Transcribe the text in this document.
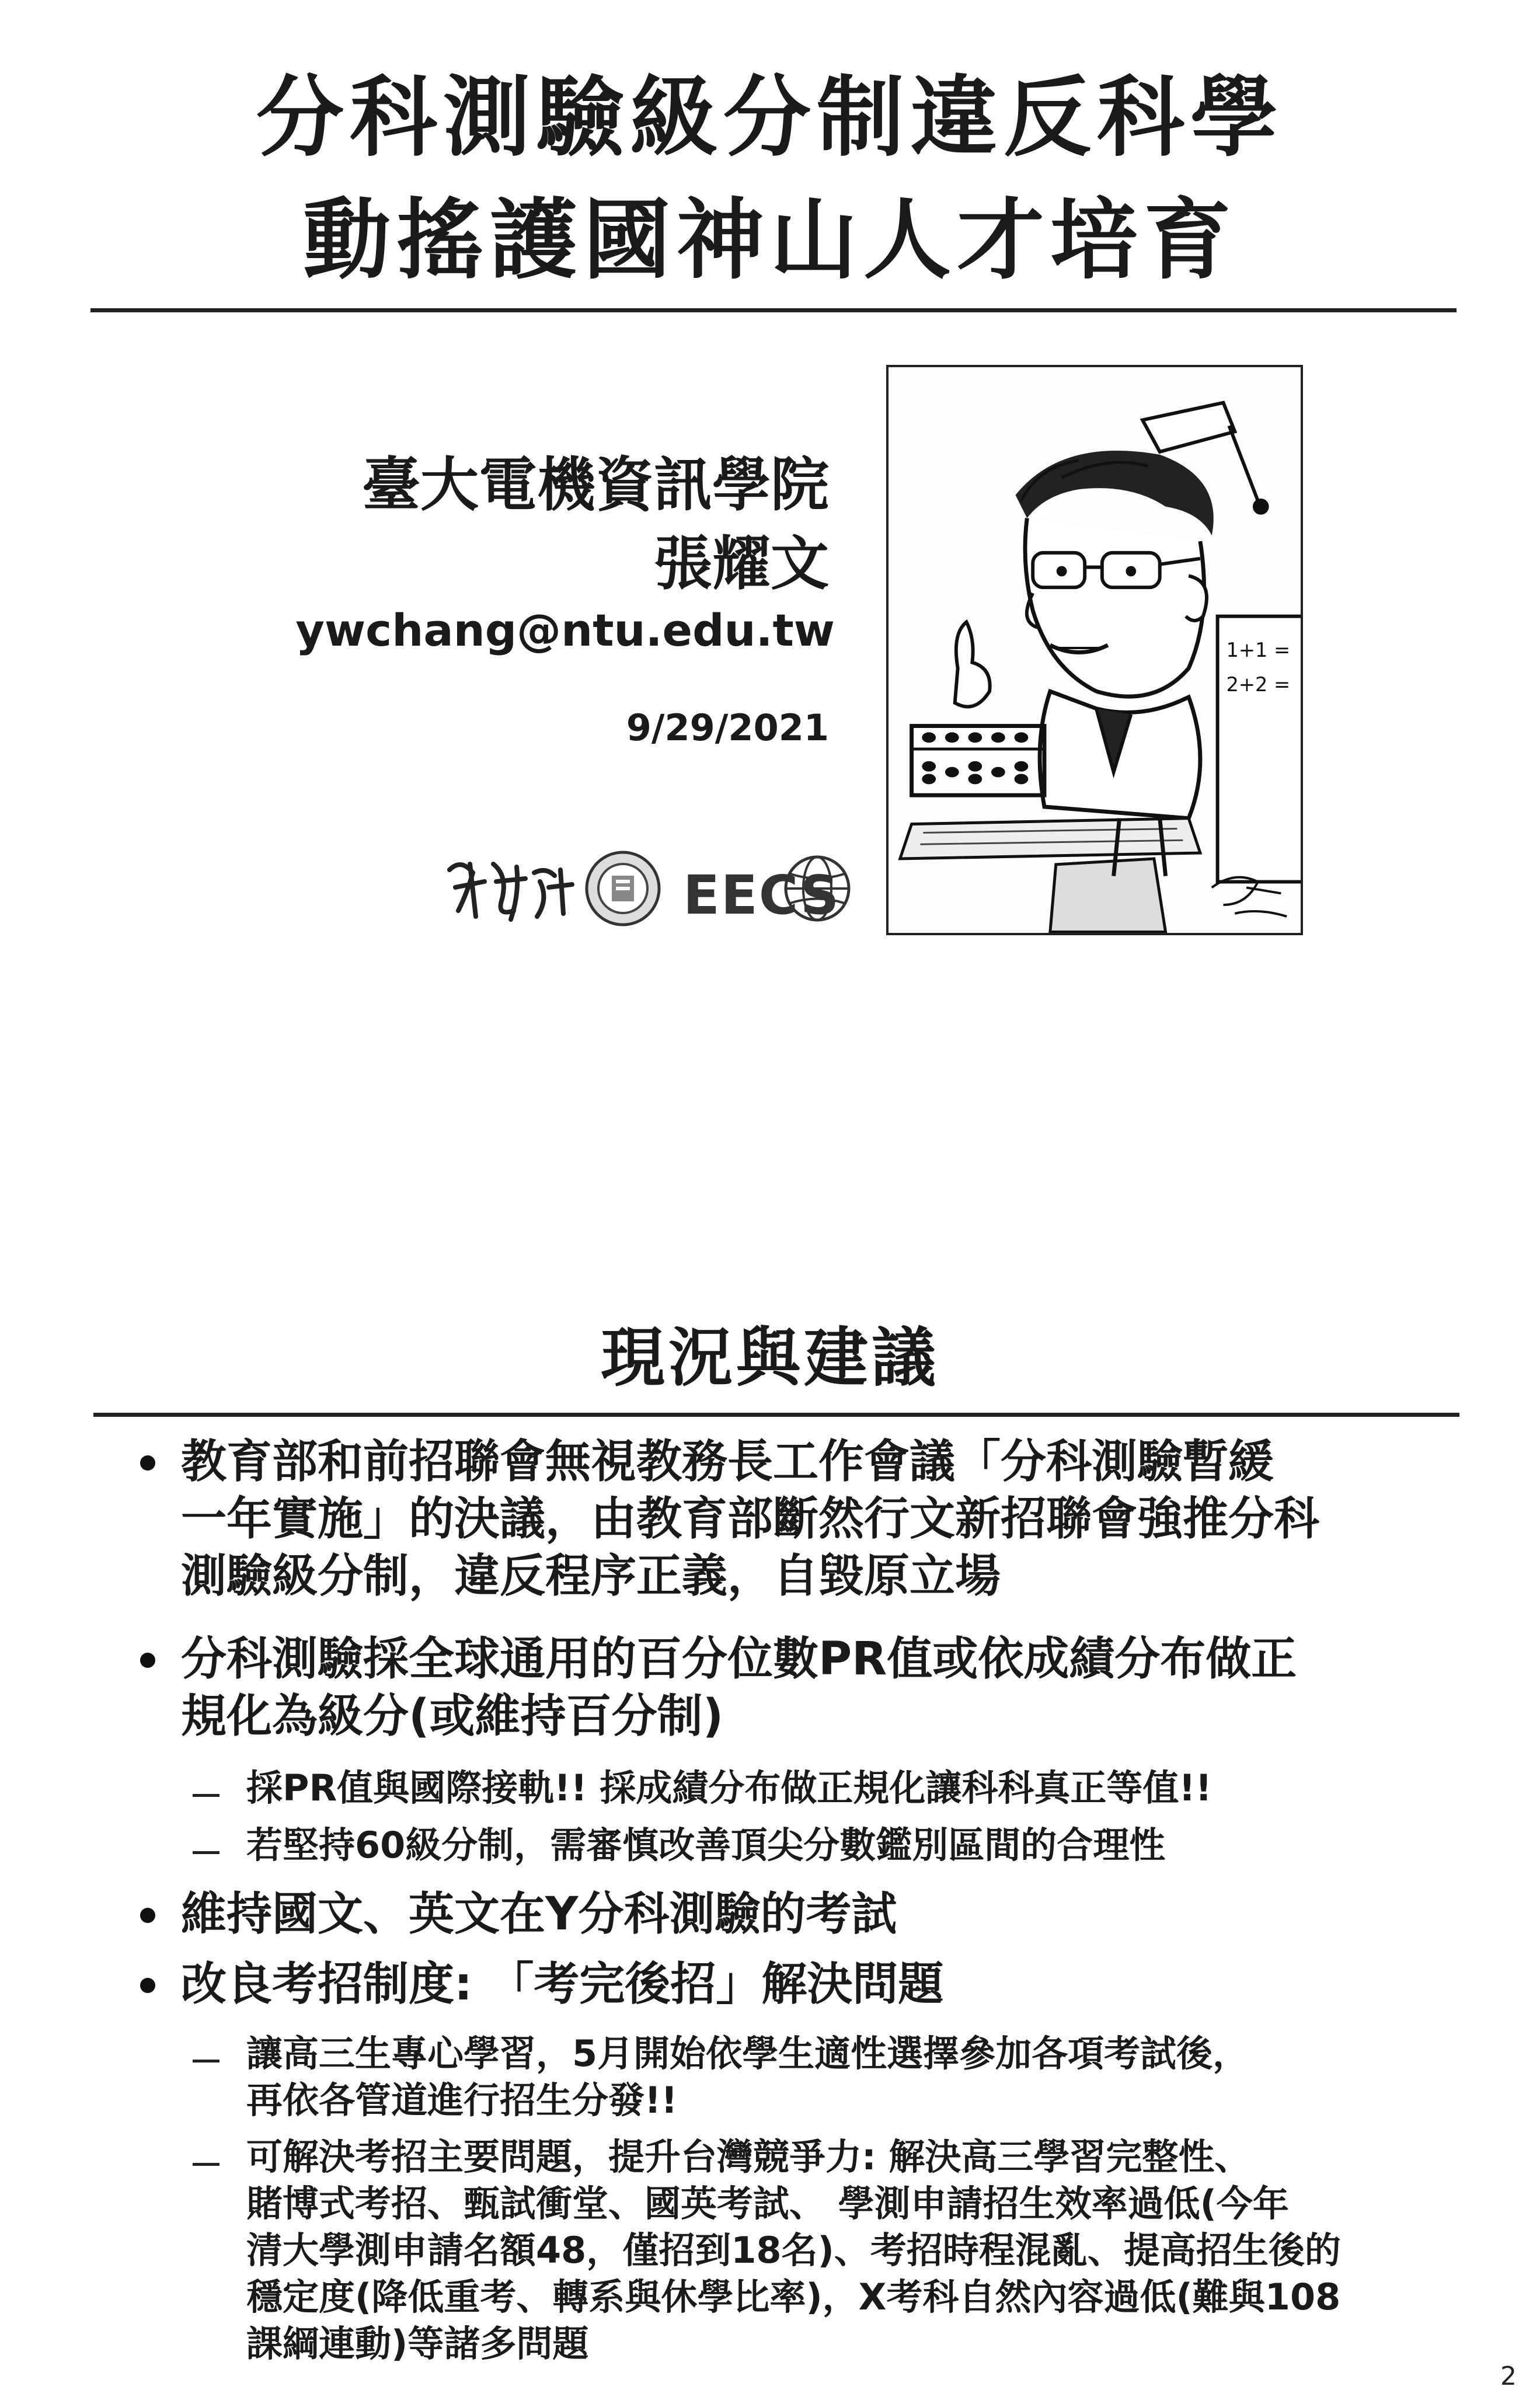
分科測驗級分制違反科學
動搖護國神山人才培育
臺大電機資訊學院
張耀文
ywchang@ntu.edu.tw
9/29/2021
EECS
1+1 =
2+2 =
現況與建議
教育部和前招聯會無視教務長工作會議「分科測驗暫緩
一年實施」的決議，由教育部斷然行文新招聯會強推分科
測驗級分制，違反程序正義，自毀原立場
分科測驗採全球通用的百分位數PR值或依成績分布做正
規化為級分(或維持百分制)
採PR值與國際接軌!! 採成績分布做正規化讓科科真正等值!!
若堅持60級分制，需審慎改善頂尖分數鑑別區間的合理性
維持國文、英文在Y分科測驗的考試
改良考招制度: 「考完後招」解決問題
讓高三生專心學習，5月開始依學生適性選擇參加各項考試後，
再依各管道進行招生分發!!
可解決考招主要問題，提升台灣競爭力: 解決高三學習完整性、
賭博式考招、甄試衝堂、國英考試、 學測申請招生效率過低(今年
清大學測申請名額48，僅招到18名)、考招時程混亂、提高招生後的
穩定度(降低重考、轉系與休學比率)，X考科自然內容過低(難與108
課綱連動)等諸多問題
2
